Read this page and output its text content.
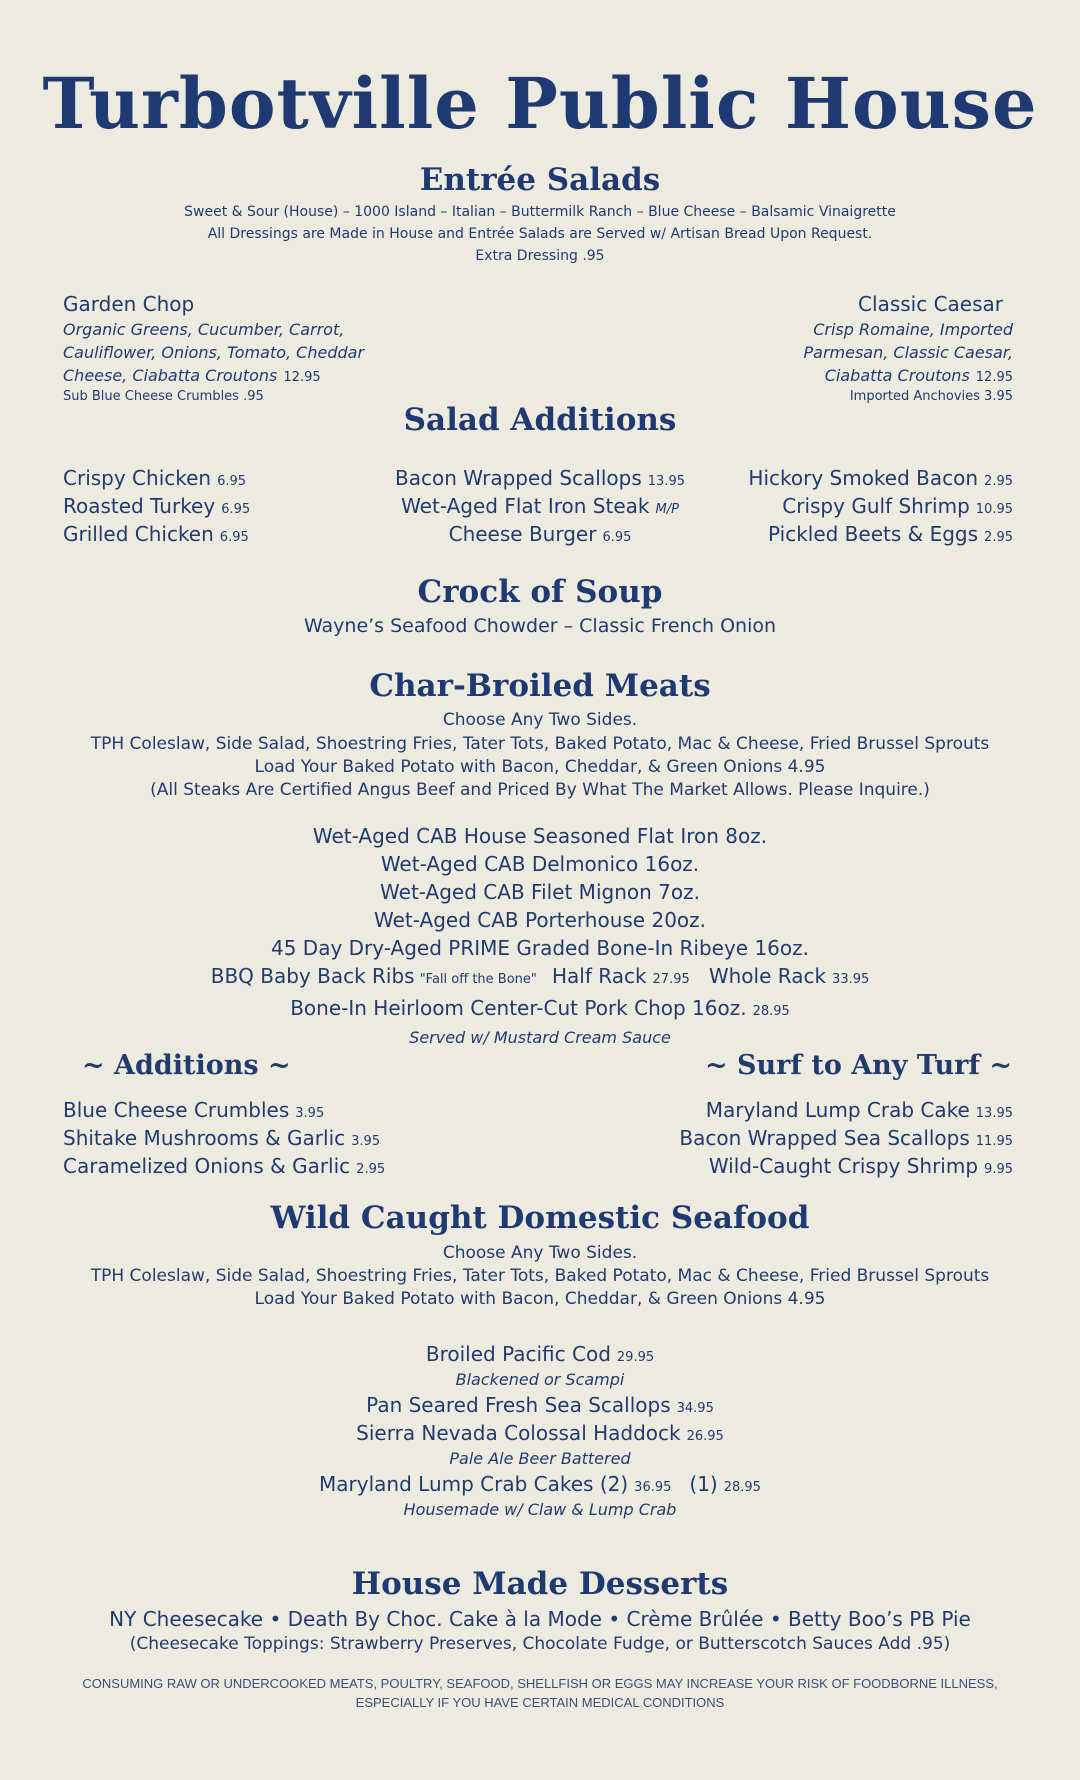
Turbotville Public House
Entrée Salads
Sweet & Sour (House) – 1000 Island – Italian – Buttermilk Ranch – Blue Cheese – Balsamic Vinaigrette
All Dressings are Made in House and Entrée Salads are Served w/ Artisan Bread Upon Request.
Extra Dressing .95
Garden Chop
Organic Greens, Cucumber, Carrot,
Cauliflower, Onions, Tomato, Cheddar
Cheese, Ciabatta Croutons 12.95
Sub Blue Cheese Crumbles .95
Classic Caesar
Crisp Romaine, Imported
Parmesan, Classic Caesar,
Ciabatta Croutons 12.95
Imported Anchovies 3.95
Salad Additions
Crispy Chicken 6.95
Roasted Turkey 6.95
Grilled Chicken 6.95
Bacon Wrapped Scallops 13.95
Wet-Aged Flat Iron Steak M/P
Cheese Burger 6.95
Hickory Smoked Bacon 2.95
Crispy Gulf Shrimp 10.95
Pickled Beets & Eggs 2.95
Crock of Soup
Wayne’s Seafood Chowder – Classic French Onion
Char-Broiled Meats
Choose Any Two Sides.
TPH Coleslaw, Side Salad, Shoestring Fries, Tater Tots, Baked Potato, Mac & Cheese, Fried Brussel Sprouts
Load Your Baked Potato with Bacon, Cheddar, & Green Onions 4.95
(All Steaks Are Certified Angus Beef and Priced By What The Market Allows. Please Inquire.)
Wet-Aged CAB House Seasoned Flat Iron 8oz.
Wet-Aged CAB Delmonico 16oz.
Wet-Aged CAB Filet Mignon 7oz.
Wet-Aged CAB Porterhouse 20oz.
45 Day Dry-Aged PRIME Graded Bone-In Ribeye 16oz.
BBQ Baby Back Ribs "Fall off the Bone" Half Rack 27.95 Whole Rack 33.95
Bone-In Heirloom Center-Cut Pork Chop 16oz. 28.95
Served w/ Mustard Cream Sauce
~ Additions ~	~ Surf to Any Turf ~
Blue Cheese Crumbles 3.95
Shitake Mushrooms & Garlic 3.95
Caramelized Onions & Garlic 2.95
Maryland Lump Crab Cake 13.95
Bacon Wrapped Sea Scallops 11.95
Wild-Caught Crispy Shrimp 9.95
Wild Caught Domestic Seafood
Choose Any Two Sides.
TPH Coleslaw, Side Salad, Shoestring Fries, Tater Tots, Baked Potato, Mac & Cheese, Fried Brussel Sprouts
Load Your Baked Potato with Bacon, Cheddar, & Green Onions 4.95
Broiled Pacific Cod 29.95
Blackened or Scampi
Pan Seared Fresh Sea Scallops 34.95
Sierra Nevada Colossal Haddock 26.95
Pale Ale Beer Battered
Maryland Lump Crab Cakes (2) 36.95 (1) 28.95
Housemade w/ Claw & Lump Crab
House Made Desserts
NY Cheesecake • Death By Choc. Cake à la Mode • Crème Brûlée • Betty Boo’s PB Pie
(Cheesecake Toppings: Strawberry Preserves, Chocolate Fudge, or Butterscotch Sauces Add .95)
CONSUMING RAW OR UNDERCOOKED MEATS, POULTRY, SEAFOOD, SHELLFISH OR EGGS MAY INCREASE YOUR RISK OF FOODBORNE ILLNESS,
ESPECIALLY IF YOU HAVE CERTAIN MEDICAL CONDITIONS
